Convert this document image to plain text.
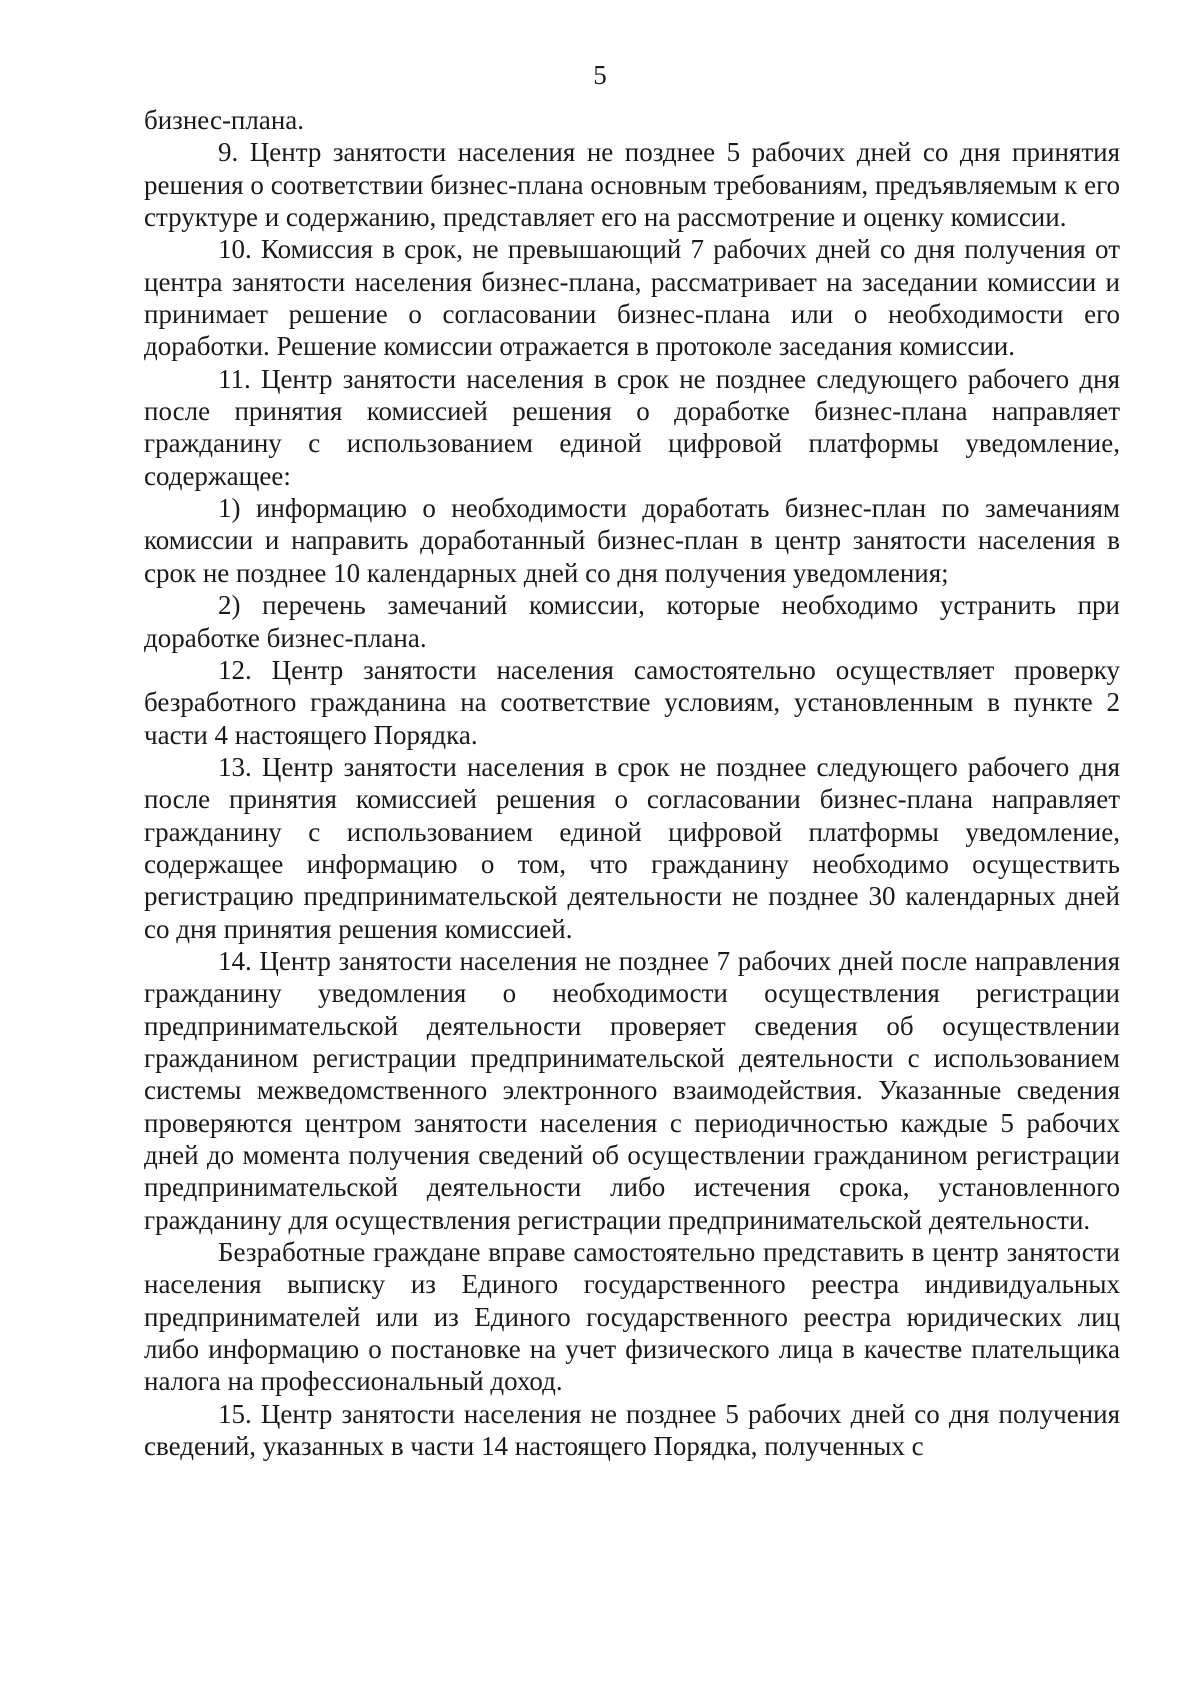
5

бизнес-плана.

9. Центр занятости населения не позднее 5 рабочих дней со дня принятия решения о соответствии бизнес-плана основным требованиям, предъявляемым к его структуре и содержанию, представляет его на рассмотрение и оценку комиссии.

10. Комиссия в срок, не превышающий 7 рабочих дней со дня получения от центра занятости населения бизнес-плана, рассматривает на заседании комиссии и принимает решение о согласовании бизнес-плана или о необходимости его доработки. Решение комиссии отражается в протоколе заседания комиссии.

11. Центр занятости населения в срок не позднее следующего рабочего дня после принятия комиссией решения о доработке бизнес-плана направляет гражданину с использованием единой цифровой платформы уведомление, содержащее:

1) информацию о необходимости доработать бизнес-план по замечаниям комиссии и направить доработанный бизнес-план в центр занятости населения в срок не позднее 10 календарных дней со дня получения уведомления;

2) перечень замечаний комиссии, которые необходимо устранить при доработке бизнес-плана.

12. Центр занятости населения самостоятельно осуществляет проверку безработного гражданина на соответствие условиям, установленным в пункте 2 части 4 настоящего Порядка.

13. Центр занятости населения в срок не позднее следующего рабочего дня после принятия комиссией решения о согласовании бизнес-плана направляет гражданину с использованием единой цифровой платформы уведомление, содержащее информацию о том, что гражданину необходимо осуществить регистрацию предпринимательской деятельности не позднее 30 календарных дней со дня принятия решения комиссией.

14. Центр занятости населения не позднее 7 рабочих дней после направления гражданину уведомления о необходимости осуществления регистрации предпринимательской деятельности проверяет сведения об осуществлении гражданином регистрации предпринимательской деятельности с использованием системы межведомственного электронного взаимодействия. Указанные сведения проверяются центром занятости населения с периодичностью каждые 5 рабочих дней до момента получения сведений об осуществлении гражданином регистрации предпринимательской деятельности либо истечения срока, установленного гражданину для осуществления регистрации предпринимательской деятельности.

Безработные граждане вправе самостоятельно представить в центр занятости населения выписку из Единого государственного реестра индивидуальных предпринимателей или из Единого государственного реестра юридических лиц либо информацию о постановке на учет физического лица в качестве плательщика налога на профессиональный доход.

15. Центр занятости населения не позднее 5 рабочих дней со дня получения сведений, указанных в части 14 настоящего Порядка, полученных с
